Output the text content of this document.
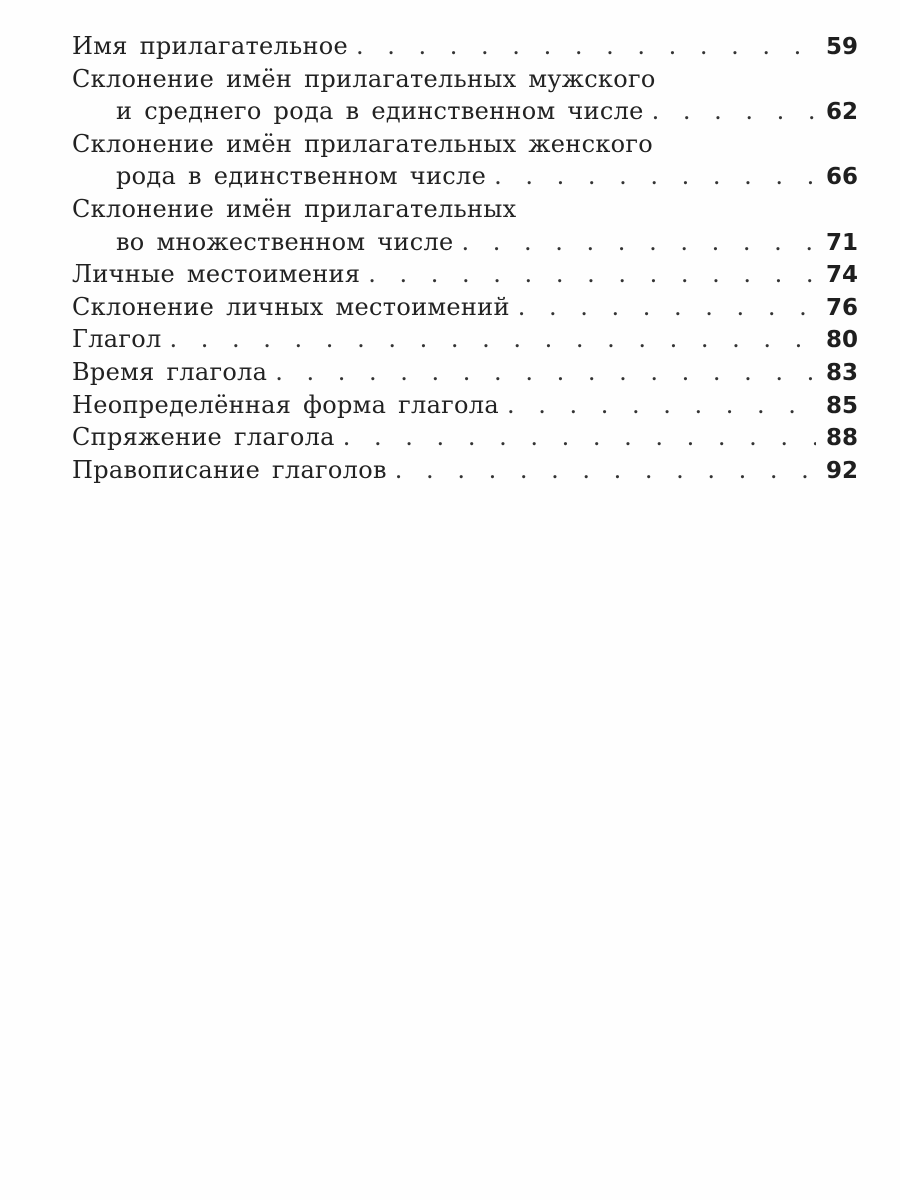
Имя прилагательное . . .	59
Склонение имён прилагательных мужского
и среднего рода в единственном числе . . .	62
Склонение имён прилагательных женского
рода в единственном числе . . .	66
Склонение имён прилагательных
во множественном числе . . .	71
Личные местоимения . . .	74
Склонение личных местоимений . . .	76
Глагол . . .	80
Время глагола . . .	83
Неопределённая форма глагола . . .	85
Спряжение глагола . . .	88
Правописание глаголов . . .	92
